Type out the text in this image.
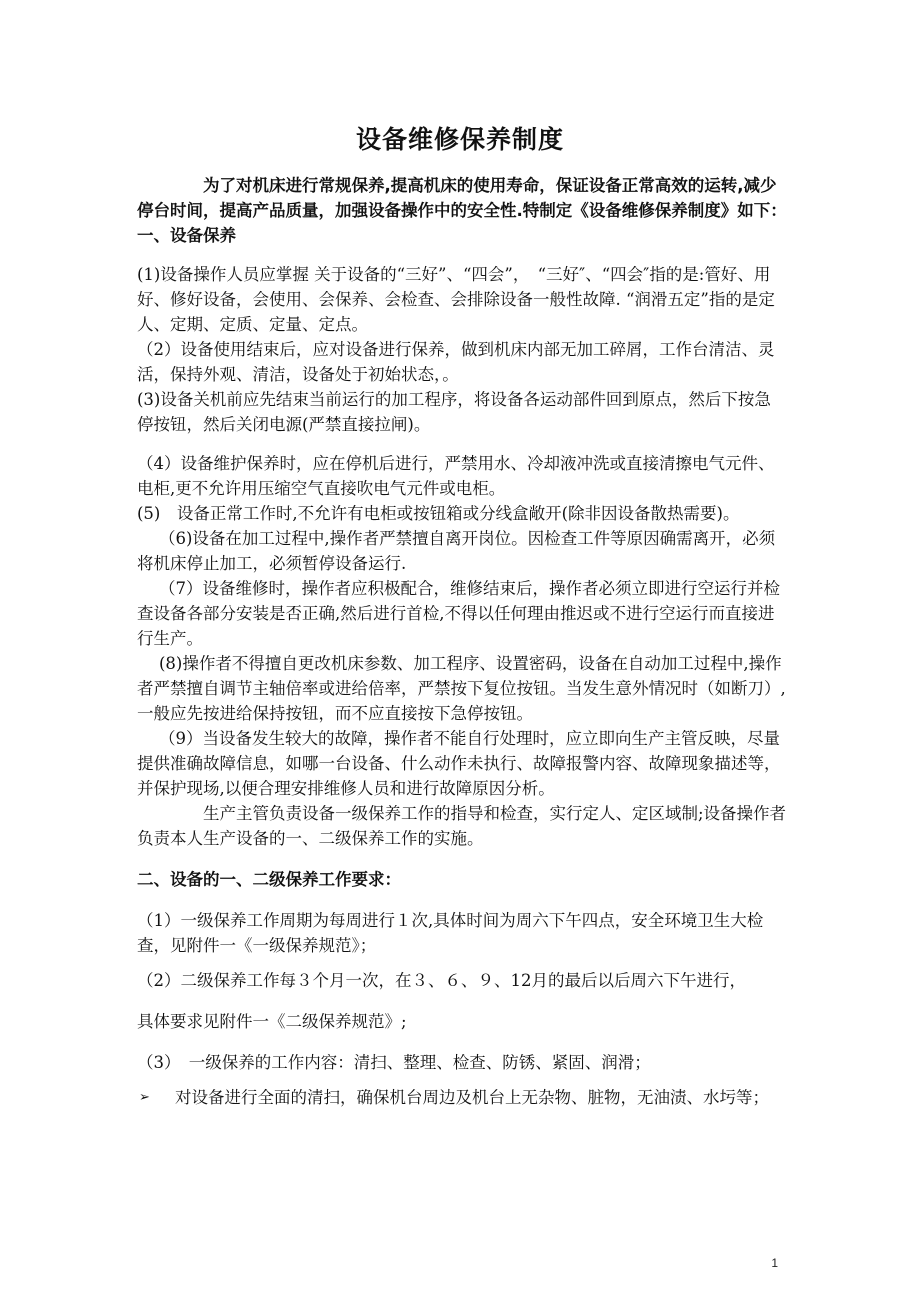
设备维修保养制度

为了对机床进行常规保养,提高机床的使用寿命，保证设备正常高效的运转,减少停台时间，提高产品质量，加强设备操作中的安全性.特制定《设备维修保养制度》如下：

一、设备保养

(1)设备操作人员应掌握 关于设备的“三好”、“四会”，　“三好″、“四会″指的是:管好、用好、修好设备，会使用、会保养、会检查、会排除设备一般性故障. “润滑五定”指的是定人、定期、定质、定量、定点。

（2）设备使用结束后，应对设备进行保养，做到机床内部无加工碎屑，工作台清洁、灵活，保持外观、清洁，设备处于初始状态，。

(3)设备关机前应先结束当前运行的加工程序，将设备各运动部件回到原点，然后下按急停按钮，然后关闭电源(严禁直接拉闸)。

（4）设备维护保养时，应在停机后进行，严禁用水、冷却液冲洗或直接清擦电气元件、电柜,更不允许用压缩空气直接吹电气元件或电柜。

(5)　设备正常工作时,不允许有电柜或按钮箱或分线盒敞开(除非因设备散热需要)。

（6)设备在加工过程中,操作者严禁擅自离开岗位。因检查工件等原因确需离开，必须将机床停止加工，必须暂停设备运行.

（7）设备维修时，操作者应积极配合，维修结束后，操作者必须立即进行空运行并检查设备各部分安装是否正确,然后进行首检,不得以任何理由推迟或不进行空运行而直接进行生产。

(8)操作者不得擅自更改机床参数、加工程序、设置密码，设备在自动加工过程中,操作者严禁擅自调节主轴倍率或进给倍率，严禁按下复位按钮。当发生意外情况时（如断刀）,一般应先按进给保持按钮，而不应直接按下急停按钮。

（9）当设备发生较大的故障，操作者不能自行处理时，应立即向生产主管反映，尽量提供准确故障信息，如哪一台设备、什么动作未执行、故障报警内容、故障现象描述等，并保护现场,以便合理安排维修人员和进行故障原因分析。

生产主管负责设备一级保养工作的指导和检查，实行定人、定区域制;设备操作者负责本人生产设备的一、二级保养工作的实施。

二、设备的一、二级保养工作要求：

（1）一级保养工作周期为每周进行１次,具体时间为周六下午四点，安全环境卫生大检查，见附件一《一级保养规范》；

（2）二级保养工作每３个月一次，在３、６、９、12月的最后以后周六下午进行，

具体要求见附件一《二级保养规范》;

（3）　一级保养的工作内容：清扫、整理、检查、防锈、紧固、润滑；

➢	对设备进行全面的清扫，确保机台周边及机台上无杂物、脏物，无油渍、水圬等；
1
